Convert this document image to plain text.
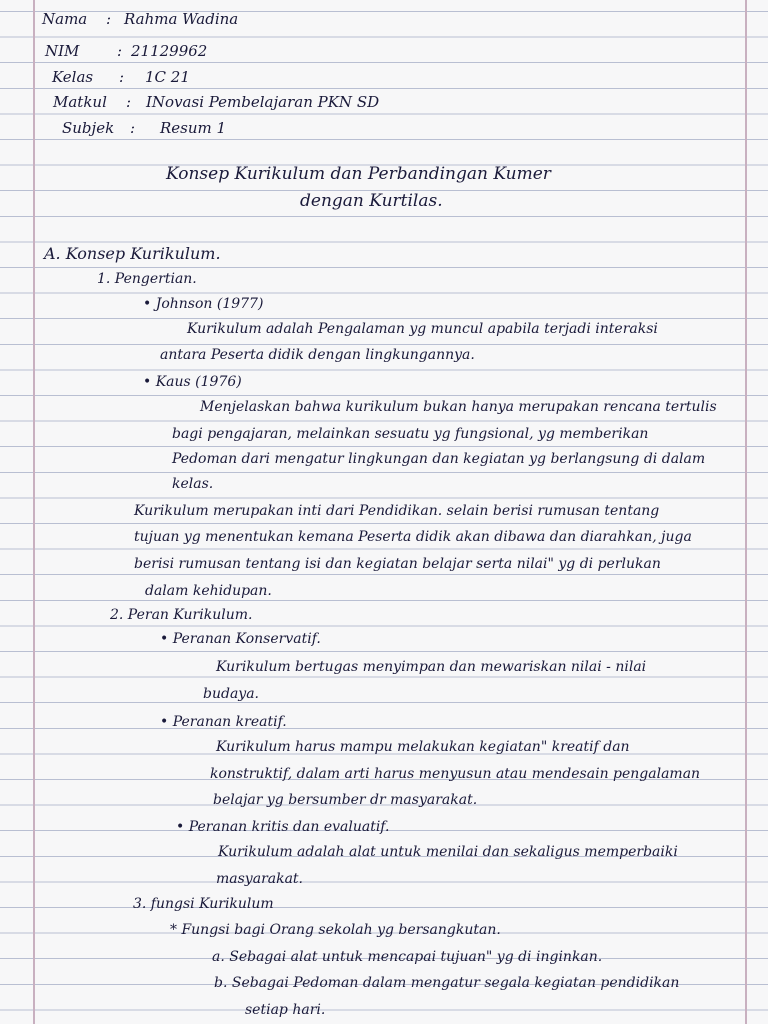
Nama : Rahma Wadina
NIM	: 21129962
Kelas : 1C 21
Matkul : INovasi Pembelajaran PKN SD
Subjek : Resum 1
Konsep Kurikulum dan Perbandingan Kumer
dengan Kurtilas.
A. Konsep Kurikulum.
1. Pengertian.
• Johnson (1977)
Kurikulum adalah Pengalaman yg muncul apabila terjadi interaksi
antara Peserta didik dengan lingkungannya.
• Kaus (1976)
Menjelaskan bahwa kurikulum bukan hanya merupakan rencana tertulis
bagi pengajaran, melainkan sesuatu yg fungsional, yg memberikan
Pedoman dari mengatur lingkungan dan kegiatan yg berlangsung di dalam
kelas.
Kurikulum merupakan inti dari Pendidikan. selain berisi rumusan tentang
tujuan yg menentukan kemana Peserta didik akan dibawa dan diarahkan, juga
berisi rumusan tentang isi dan kegiatan belajar serta nilai" yg di perlukan
dalam kehidupan.
2. Peran Kurikulum.
• Peranan Konservatif.
Kurikulum bertugas menyimpan dan mewariskan nilai - nilai
budaya.
• Peranan kreatif.
Kurikulum harus mampu melakukan kegiatan" kreatif dan
konstruktif, dalam arti harus menyusun atau mendesain pengalaman
belajar yg bersumber dr masyarakat.
• Peranan kritis dan evaluatif.
Kurikulum adalah alat untuk menilai dan sekaligus memperbaiki
masyarakat.
3. fungsi Kurikulum
* Fungsi bagi Orang sekolah yg bersangkutan.
a. Sebagai alat untuk mencapai tujuan" yg di inginkan.
b. Sebagai Pedoman dalam mengatur segala kegiatan pendidikan
setiap hari.
